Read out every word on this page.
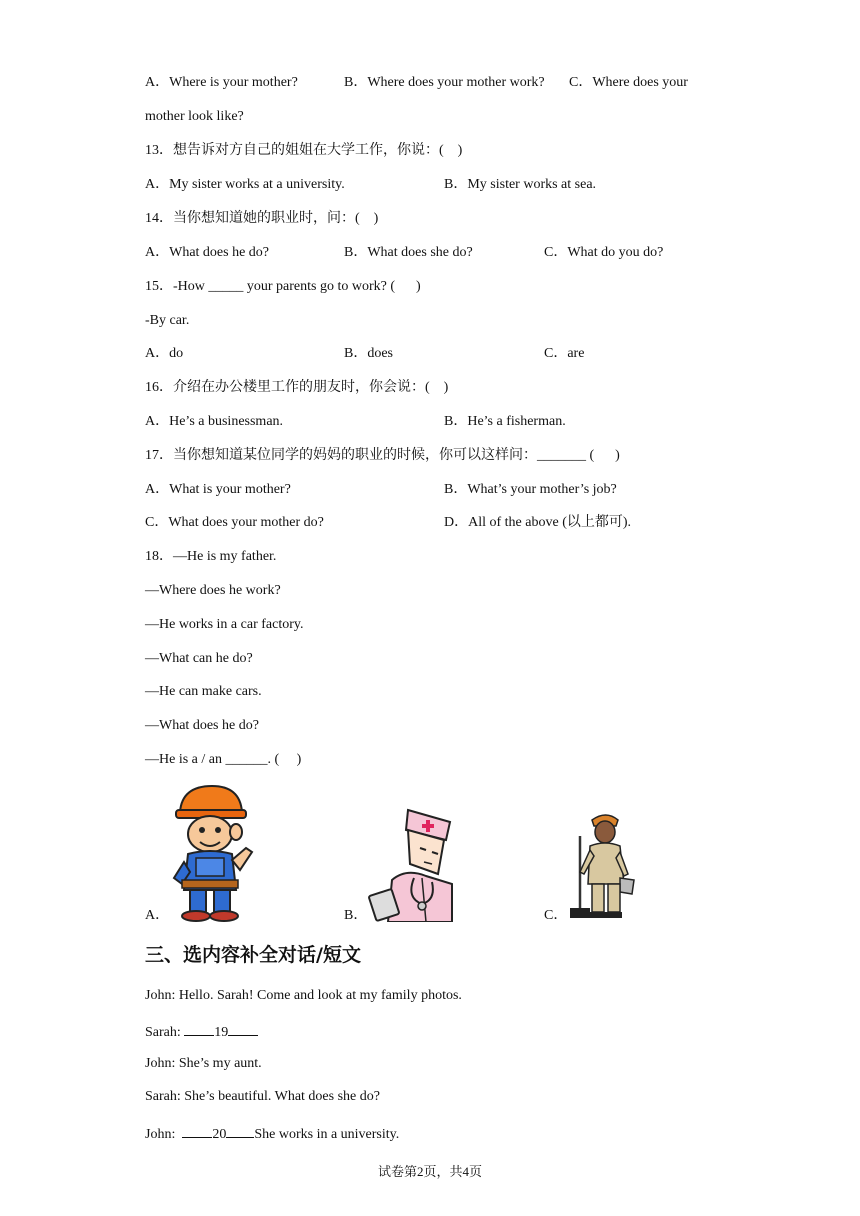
A．Where is your mother?	B．Where does your mother work? C．Where does your
mother look like?
13．想告诉对方自己的姐姐在大学工作，你说：(　)
A．My sister works at a university.	B．My sister works at sea.
14．当你想知道她的职业时，问：(　)
A．What does he do?	B．What does she do?	C．What do you do?
15．-How _____ your parents go to work? (　  )
-By car.
A．do	B．does	C．are
16．介绍在办公楼里工作的朋友时，你会说：(　)
A．He’s a businessman.	B．He’s a fisherman.
17．当你想知道某位同学的妈妈的职业的时候，你可以这样问：_______ (　  )
A．What is your mother?	B．What’s your mother’s job?
C．What does your mother do?	D．All of the above (以上都可).
18．—He is my father.
—Where does he work?
—He works in a car factory.
—What can he do?
—He can make cars.
—What does he do?
—He is a / an ______. (　 )
A．	B．	C．
三、选内容补全对话/短文
John: Hello. Sarah! Come and look at my family photos.
Sarah: 19
John: She’s my aunt.
Sarah: She’s beautiful. What does she do?
John:  20 She works in a university.
试卷第2页，共4页
